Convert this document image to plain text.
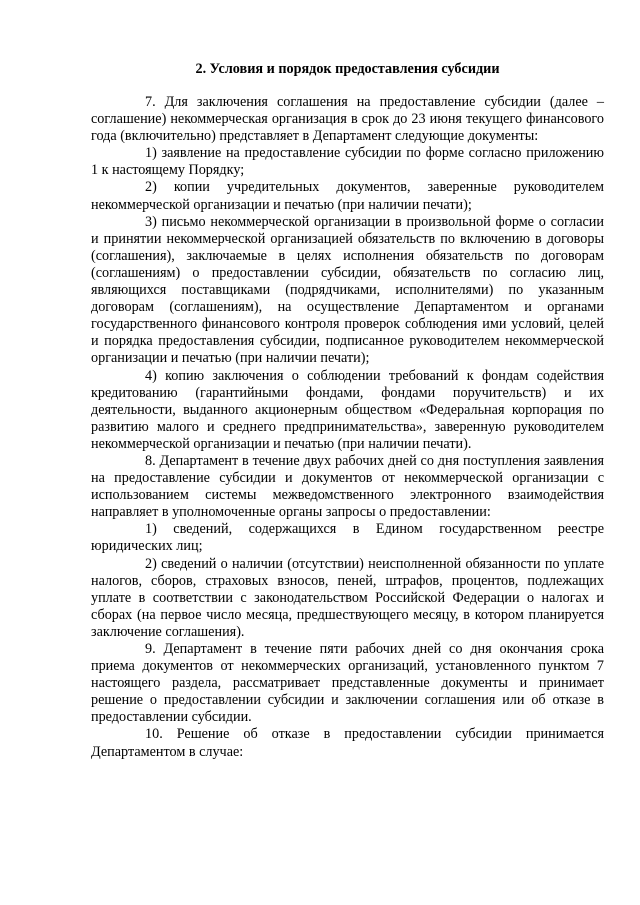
2. Условия и порядок предоставления субсидии

7. Для заключения соглашения на предоставление субсидии (далее – соглашение) некоммерческая организация в срок до 23 июня текущего финансового года (включительно) представляет в Департамент следующие документы:

1) заявление на предоставление субсидии по форме согласно приложению 1 к настоящему Порядку;

2) копии учредительных документов, заверенные руководителем некоммерческой организации и печатью (при наличии печати);

3) письмо некоммерческой организации в произвольной форме о согласии и принятии некоммерческой организацией обязательств по включению в договоры (соглашения), заключаемые в целях исполнения обязательств по договорам (соглашениям) о предоставлении субсидии, обязательств по согласию лиц, являющихся поставщиками (подрядчиками, исполнителями) по указанным договорам (соглашениям), на осуществление Департаментом и органами государственного финансового контроля проверок соблюдения ими условий, целей и порядка предоставления субсидии, подписанное руководителем некоммерческой организации и печатью (при наличии печати);

4) копию заключения о соблюдении требований к фондам содействия кредитованию (гарантийными фондами, фондами поручительств) и их деятельности, выданного акционерным обществом «Федеральная корпорация по развитию малого и среднего предпринимательства», заверенную руководителем некоммерческой организации и печатью (при наличии печати).

8. Департамент в течение двух рабочих дней со дня поступления заявления на предоставление субсидии и документов от некоммерческой организации с использованием системы межведомственного электронного взаимодействия направляет в уполномоченные органы запросы о предоставлении:

1) сведений, содержащихся в Едином государственном реестре юридических лиц;

2) сведений о наличии (отсутствии) неисполненной обязанности по уплате налогов, сборов, страховых взносов, пеней, штрафов, процентов, подлежащих уплате в соответствии с законодательством Российской Федерации о налогах и сборах (на первое число месяца, предшествующего месяцу, в котором планируется заключение соглашения).

9. Департамент в течение пяти рабочих дней со дня окончания срока приема документов от некоммерческих организаций, установленного пунктом 7 настоящего раздела, рассматривает представленные документы и принимает решение о предоставлении субсидии и заключении соглашения или об отказе в предоставлении субсидии.

10. Решение об отказе в предоставлении субсидии принимается Департаментом в случае:
